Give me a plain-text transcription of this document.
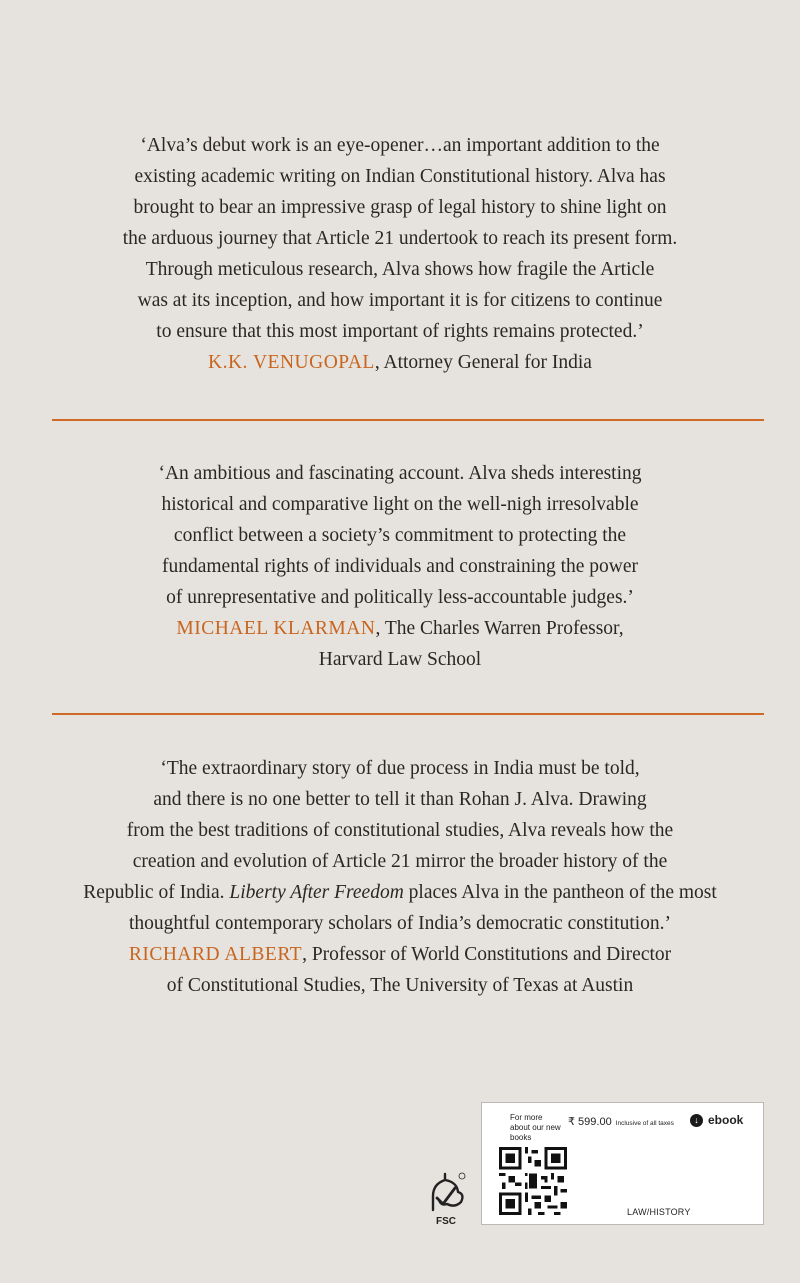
‘Alva’s debut work is an eye-opener…an important addition to the

existing academic writing on Indian Constitutional history. Alva has

brought to bear an impressive grasp of legal history to shine light on

the arduous journey that Article 21 undertook to reach its present form.

Through meticulous research, Alva shows how fragile the Article

was at its inception, and how important it is for citizens to continue

to ensure that this most important of rights remains protected.’

K.K. VENUGOPAL, Attorney General for India

‘An ambitious and fascinating account. Alva sheds interesting

historical and comparative light on the well-nigh irresolvable

conflict between a society’s commitment to protecting the

fundamental rights of individuals and constraining the power

of unrepresentative and politically less-accountable judges.’

MICHAEL KLARMAN, The Charles Warren Professor,

Harvard Law School

‘The extraordinary story of due process in India must be told,

and there is no one better to tell it than Rohan J. Alva. Drawing

from the best traditions of constitutional studies, Alva reveals how the

creation and evolution of Article 21 mirror the broader history of the

Republic of India. Liberty After Freedom places Alva in the pantheon of the most

thoughtful contemporary scholars of India’s democratic constitution.’

RICHARD ALBERT, Professor of World Constitutions and Director

of Constitutional Studies, The University of Texas at Austin

FSC
For more about our new books
₹ 599.00 Inclusive of all taxes	↓ ebook
LAW/HISTORY
